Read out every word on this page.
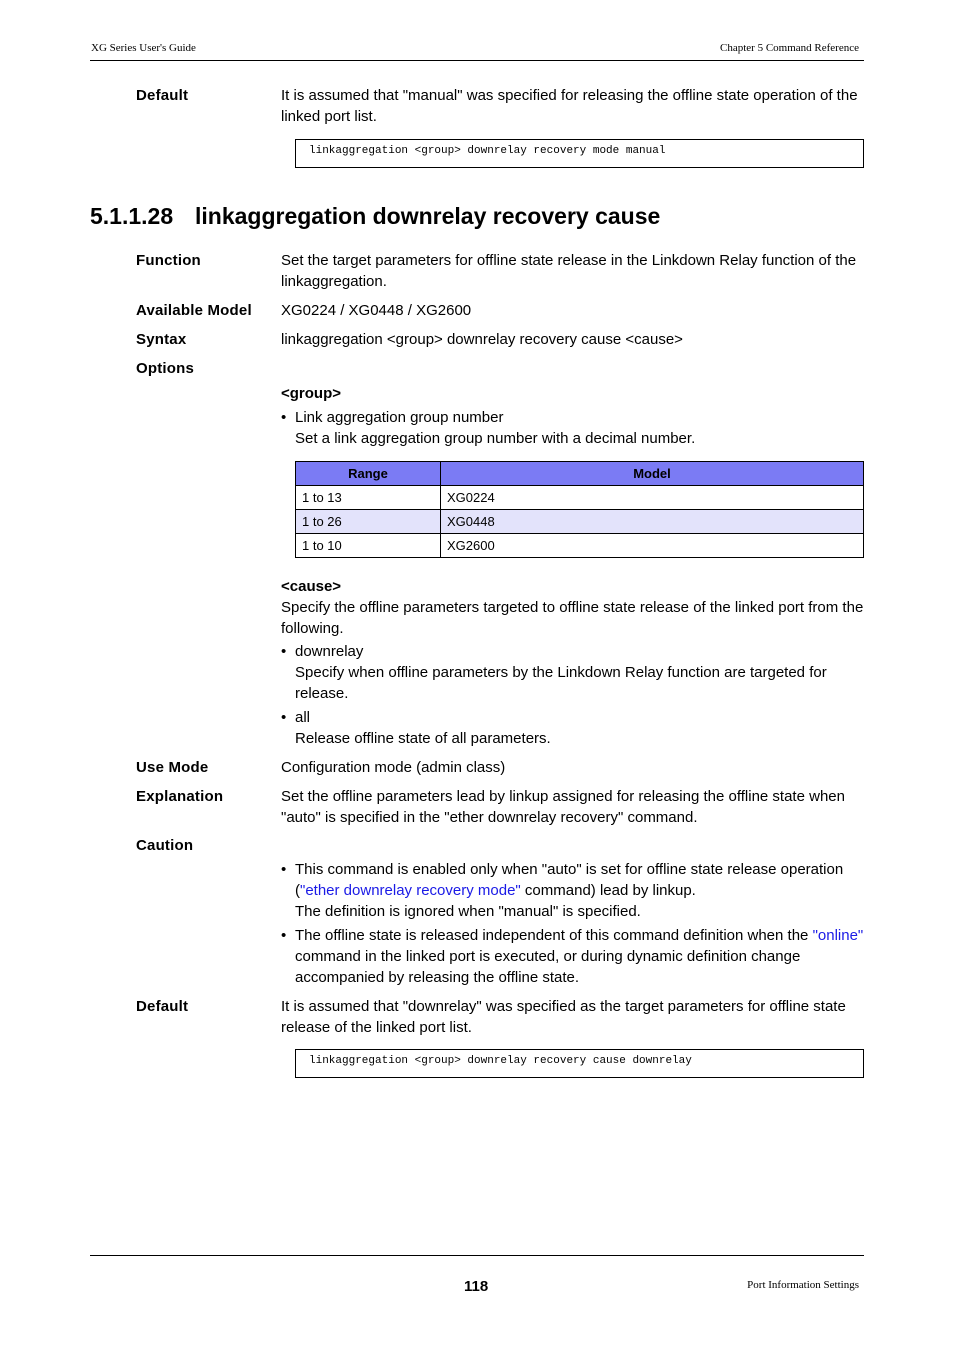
XG Series User's Guide	Chapter 5 Command Reference
Default	It is assumed that "manual" was specified for releasing the offline state operation of the linked port list.
linkaggregation <group> downrelay recovery mode manual
5.1.1.28 linkaggregation downrelay recovery cause
Function	Set the target parameters for offline state release in the Linkdown Relay function of the linkaggregation.
Available Model XG0224 / XG0448 / XG2600
Syntax	linkaggregation <group> downrelay recovery cause <cause>
Options
<group>
• Link aggregation group number
Set a link aggregation group number with a decimal number.
Range	Model
1 to 13	XG0224
1 to 26	XG0448
1 to 10	XG2600
<cause>
Specify the offline parameters targeted to offline state release of the linked port from the following.
• downrelay
Specify when offline parameters by the Linkdown Relay function are targeted for release.
• all
Release offline state of all parameters.
Use Mode	Configuration mode (admin class)
Explanation	Set the offline parameters lead by linkup assigned for releasing the offline state when "auto" is specified in the "ether downrelay recovery" command.
Caution
• This command is enabled only when "auto" is set for offline state release operation
("ether downrelay recovery mode" command) lead by linkup.
The definition is ignored when "manual" is specified.
• The offline state is released independent of this command definition when the "online"
command in the linked port is executed, or during dynamic definition change accompanied by releasing the offline state.
Default	It is assumed that "downrelay" was specified as the target parameters for offline state release of the linked port list.
linkaggregation <group> downrelay recovery cause downrelay
118	Port Information Settings
